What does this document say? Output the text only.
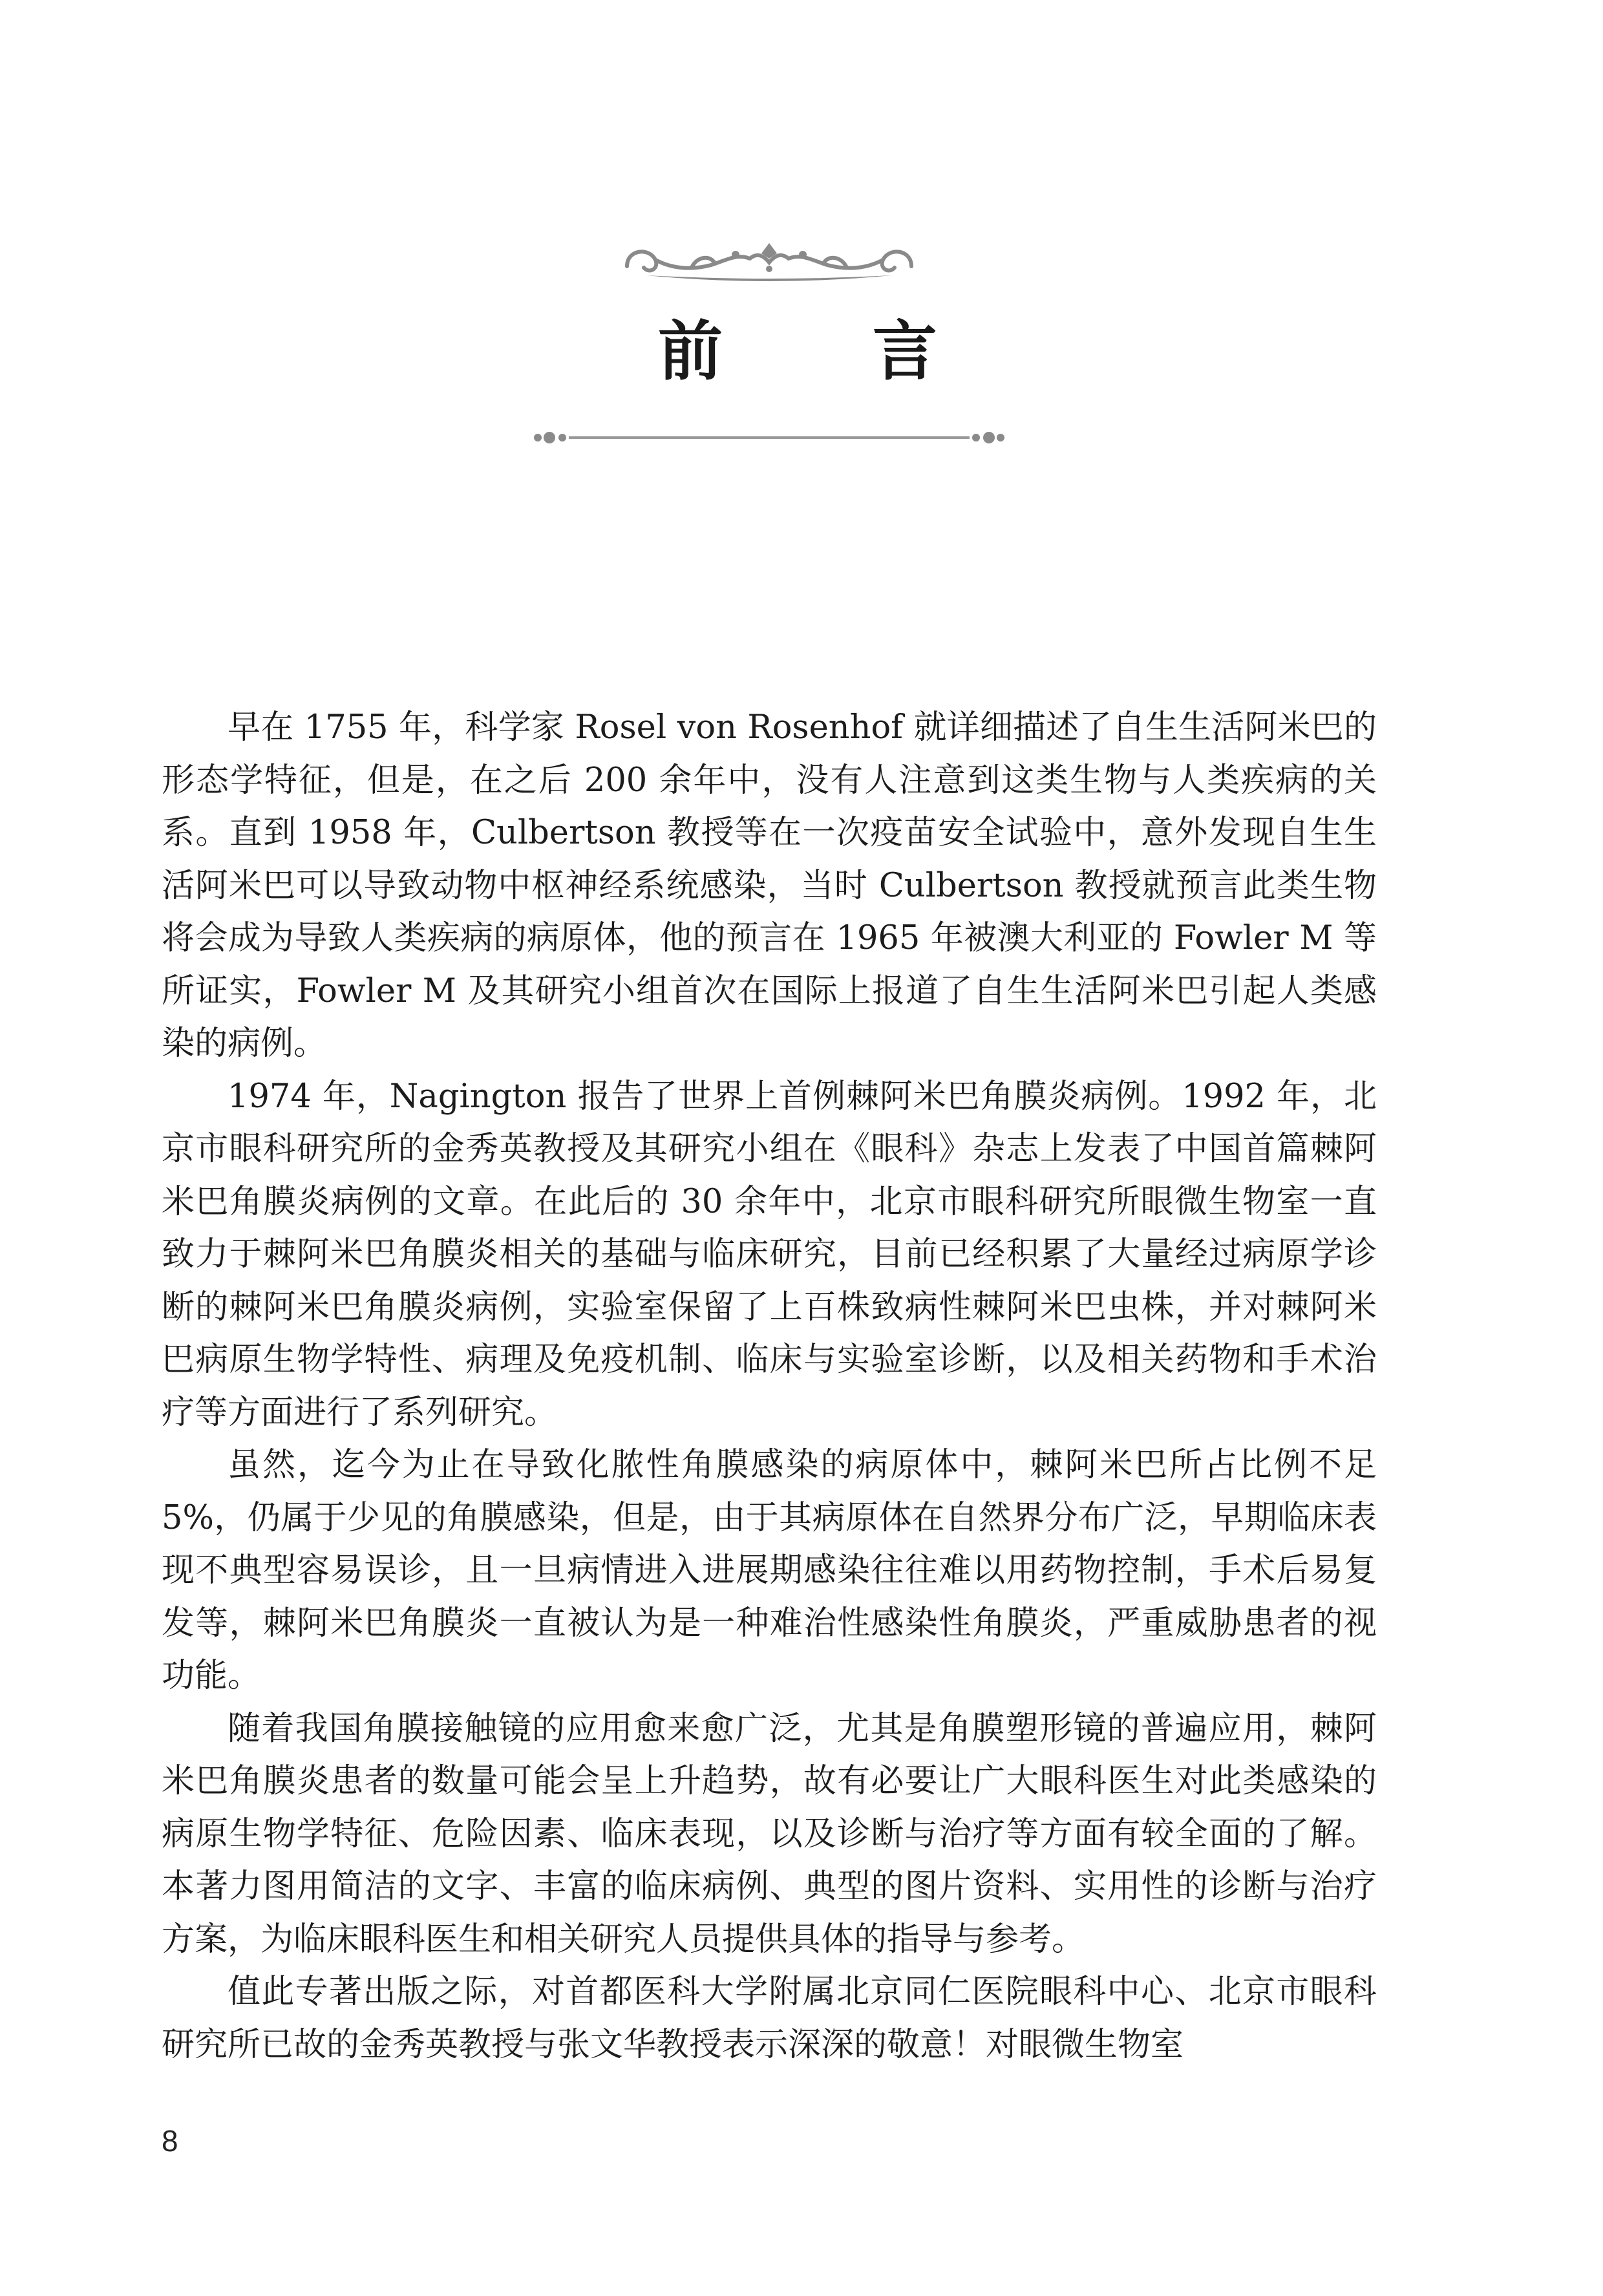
前 言

早在 1755 年，科学家 Rosel von Rosenhof 就详细描述了自生生活阿米巴的形态学特征，但是，在之后 200 余年中，没有人注意到这类生物与人类疾病的关系。直到 1958 年，Culbertson 教授等在一次疫苗安全试验中，意外发现自生生活阿米巴可以导致动物中枢神经系统感染，当时 Culbertson 教授就预言此类生物将会成为导致人类疾病的病原体，他的预言在 1965 年被澳大利亚的 Fowler M 等所证实，Fowler M 及其研究小组首次在国际上报道了自生生活阿米巴引起人类感染的病例。

1974 年，Nagington 报告了世界上首例棘阿米巴角膜炎病例。1992 年，北京市眼科研究所的金秀英教授及其研究小组在《眼科》杂志上发表了中国首篇棘阿米巴角膜炎病例的文章。在此后的 30 余年中，北京市眼科研究所眼微生物室一直致力于棘阿米巴角膜炎相关的基础与临床研究，目前已经积累了大量经过病原学诊断的棘阿米巴角膜炎病例，实验室保留了上百株致病性棘阿米巴虫株，并对棘阿米巴病原生物学特性、病理及免疫机制、临床与实验室诊断，以及相关药物和手术治疗等方面进行了系列研究。

虽然，迄今为止在导致化脓性角膜感染的病原体中，棘阿米巴所占比例不足 5%，仍属于少见的角膜感染，但是，由于其病原体在自然界分布广泛，早期临床表现不典型容易误诊，且一旦病情进入进展期感染往往难以用药物控制，手术后易复发等，棘阿米巴角膜炎一直被认为是一种难治性感染性角膜炎，严重威胁患者的视功能。

随着我国角膜接触镜的应用愈来愈广泛，尤其是角膜塑形镜的普遍应用，棘阿米巴角膜炎患者的数量可能会呈上升趋势，故有必要让广大眼科医生对此类感染的病原生物学特征、危险因素、临床表现，以及诊断与治疗等方面有较全面的了解。本著力图用简洁的文字、丰富的临床病例、典型的图片资料、实用性的诊断与治疗方案，为临床眼科医生和相关研究人员提供具体的指导与参考。

值此专著出版之际，对首都医科大学附属北京同仁医院眼科中心、北京市眼科研究所已故的金秀英教授与张文华教授表示深深的敬意！对眼微生物室

8
